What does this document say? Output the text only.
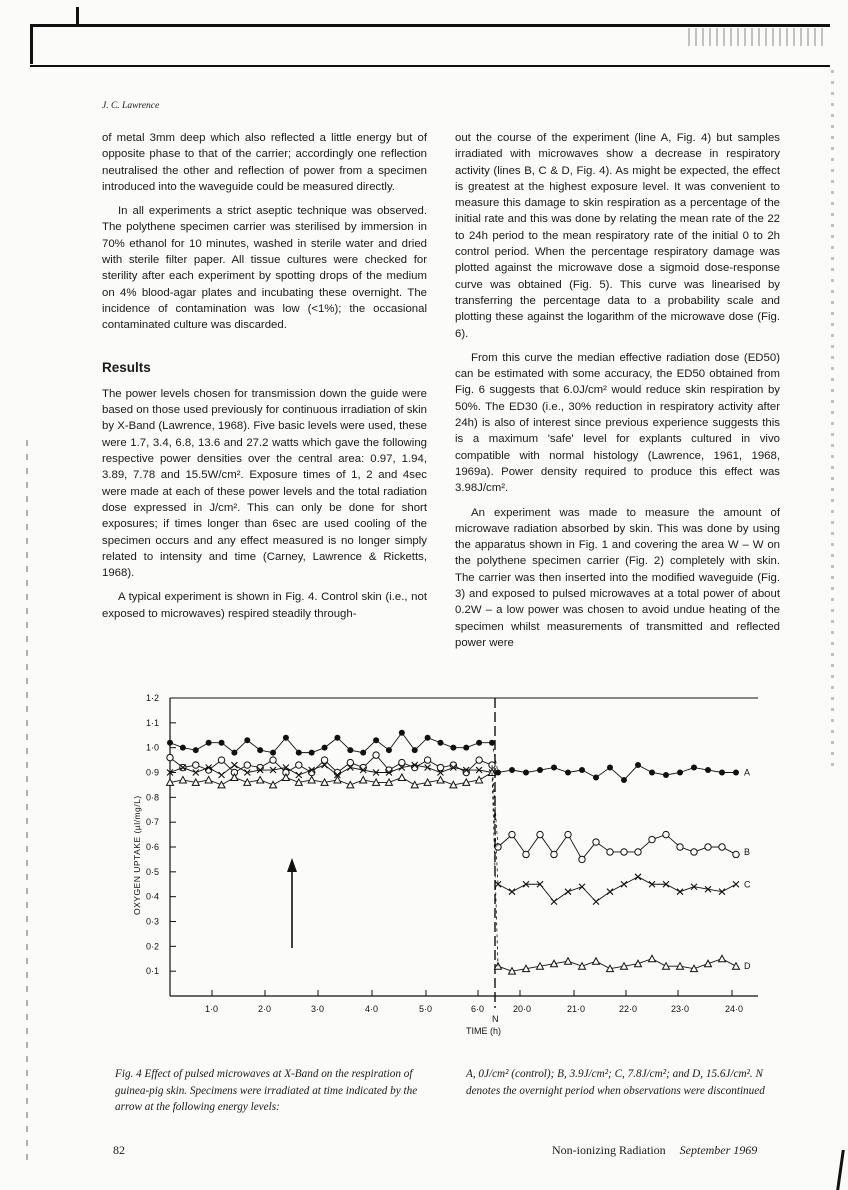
J. C. Lawrence

of metal 3mm deep which also reflected a little energy but of opposite phase to that of the carrier; accordingly one reflection neutralised the other and reflection of power from a specimen introduced into the waveguide could be measured directly.

In all experiments a strict aseptic technique was observed. The polythene specimen carrier was sterilised by immersion in 70% ethanol for 10 minutes, washed in sterile water and dried with sterile filter paper. All tissue cultures were checked for sterility after each experiment by spotting drops of the medium on 4% blood-agar plates and incubating these overnight. The incidence of contamination was low (<1%); the occasional contaminated culture was discarded.

Results

The power levels chosen for transmission down the guide were based on those used previously for continuous irradiation of skin by X-Band (Lawrence, 1968). Five basic levels were used, these were 1.7, 3.4, 6.8, 13.6 and 27.2 watts which gave the following respective power densities over the central area: 0.97, 1.94, 3.89, 7.78 and 15.5W/cm². Exposure times of 1, 2 and 4sec were made at each of these power levels and the total radiation dose expressed in J/cm². This can only be done for short exposures; if times longer than 6sec are used cooling of the specimen occurs and any effect measured is no longer simply related to intensity and time (Carney, Lawrence & Ricketts, 1968).

A typical experiment is shown in Fig. 4. Control skin (i.e., not exposed to microwaves) respired steadily through-

out the course of the experiment (line A, Fig. 4) but samples irradiated with microwaves show a decrease in respiratory activity (lines B, C & D, Fig. 4). As might be expected, the effect is greatest at the highest exposure level. It was convenient to measure this damage to skin respiration as a percentage of the initial rate and this was done by relating the mean rate of the 22 to 24h period to the mean respiratory rate of the initial 0 to 2h control period. When the percentage respiratory damage was plotted against the microwave dose a sigmoid dose-response curve was obtained (Fig. 5). This curve was linearised by transferring the percentage data to a probability scale and plotting these against the logarithm of the microwave dose (Fig. 6).

From this curve the median effective radiation dose (ED50) can be estimated with some accuracy, the ED50 obtained from Fig. 6 suggests that 6.0J/cm² would reduce skin respiration by 50%. The ED30 (i.e., 30% reduction in respiratory activity after 24h) is also of interest since previous experience suggests this is a maximum 'safe' level for explants cultured in vivo compatible with normal histology (Lawrence, 1961, 1968, 1969a). Power density required to produce this effect was 3.98J/cm².

An experiment was made to measure the amount of microwave radiation absorbed by skin. This was done by using the apparatus shown in Fig. 1 and covering the area W – W on the polythene specimen carrier (Fig. 2) completely with skin. The carrier was then inserted into the modified waveguide (Fig. 3) and exposed to pulsed microwaves at a total power of about 0.2W – a low power was chosen to avoid undue heating of the specimen whilst measurements of transmitted and reflected power were

0·1
0·2
0·3
0·4
0·5
0·6
0·7
0·8
0·9
1·0
1·1
1·2
N
1·0	2·0	3·0	4·0	5·0	6·0	20·0	21·0	22·0	23·0	24·0
TIME (h)
OXYGEN UPTAKE (µl/mg/L)
A
B
C
D
Fig. 4 Effect of pulsed microwaves at X-Band on the respiration of guinea-pig skin. Specimens were irradiated at time indicated by the arrow at the following energy levels:
A, 0J/cm² (control); B, 3.9J/cm²; C, 7.8J/cm²; and D, 15.6J/cm². N denotes the overnight period when observations were discontinued
82	Non-ionizing Radiation September 1969
